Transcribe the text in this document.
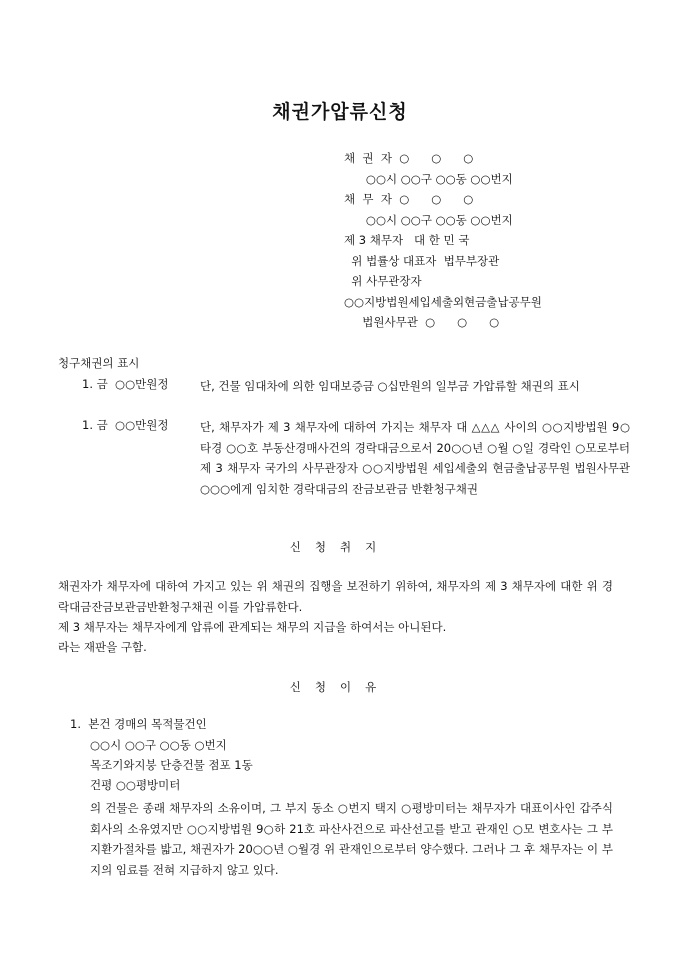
채권가압류신청
채  권  자  ○      ○      ○
○○시 ○○구 ○○동 ○○번지
채  무  자  ○      ○      ○
○○시 ○○구 ○○동 ○○번지
제 3 채무자   대 한 민 국
위 법률상 대표자  법무부장관
위 사무관장자
○○지방법원세입세출외현금출납공무원
법원사무관  ○      ○      ○
청구채권의 표시
1. 금  ○○만원정	단, 건물 임대차에 의한 임대보증금 ○십만원의 일부금 가압류할 채권의 표시
1. 금  ○○만원정	단, 채무자가 제 3 채무자에 대하여 가지는 채무자 대 △△△ 사이의 ○○지방법원 9○ 타경 ○○호 부동산경매사건의 경락대금으로서 20○○년 ○월 ○일 경락인 ○모로부터 제 3 채무자 국가의 사무관장자 ○○지방법원 세입세출외 현금출납공무원 법원사무관 ○○○에게 임치한 경락대금의 잔금보관금 반환청구채권
신청취지
채권자가 채무자에 대하여 가지고 있는 위 채권의 집행을 보전하기 위하여, 채무자의 제 3 채무자에 대한 위 경락대금잔금보관금반환청구채권 이를 가압류한다.
제 3 채무자는 채무자에게 압류에 관계되는 채무의 지급을 하여서는 아니된다.
라는 재판을 구함.
신청이유
1.  본건 경매의 목적물건인
○○시 ○○구 ○○동 ○번지
목조기와지붕 단층건물 점포 1동
건평 ○○평방미터
의 건물은 종래 채무자의 소유이며, 그 부지 동소 ○번지 택지 ○평방미터는 채무자가 대표이사인 갑주식회사의 소유였지만 ○○지방법원 9○하 21호 파산사건으로 파산선고를 받고 관재인 ○모 변호사는 그 부지환가절차를 밟고, 채권자가 20○○년 ○월경 위 관재인으로부터 양수했다. 그러나 그 후 채무자는 이 부지의 임료를 전혀 지급하지 않고 있다.
